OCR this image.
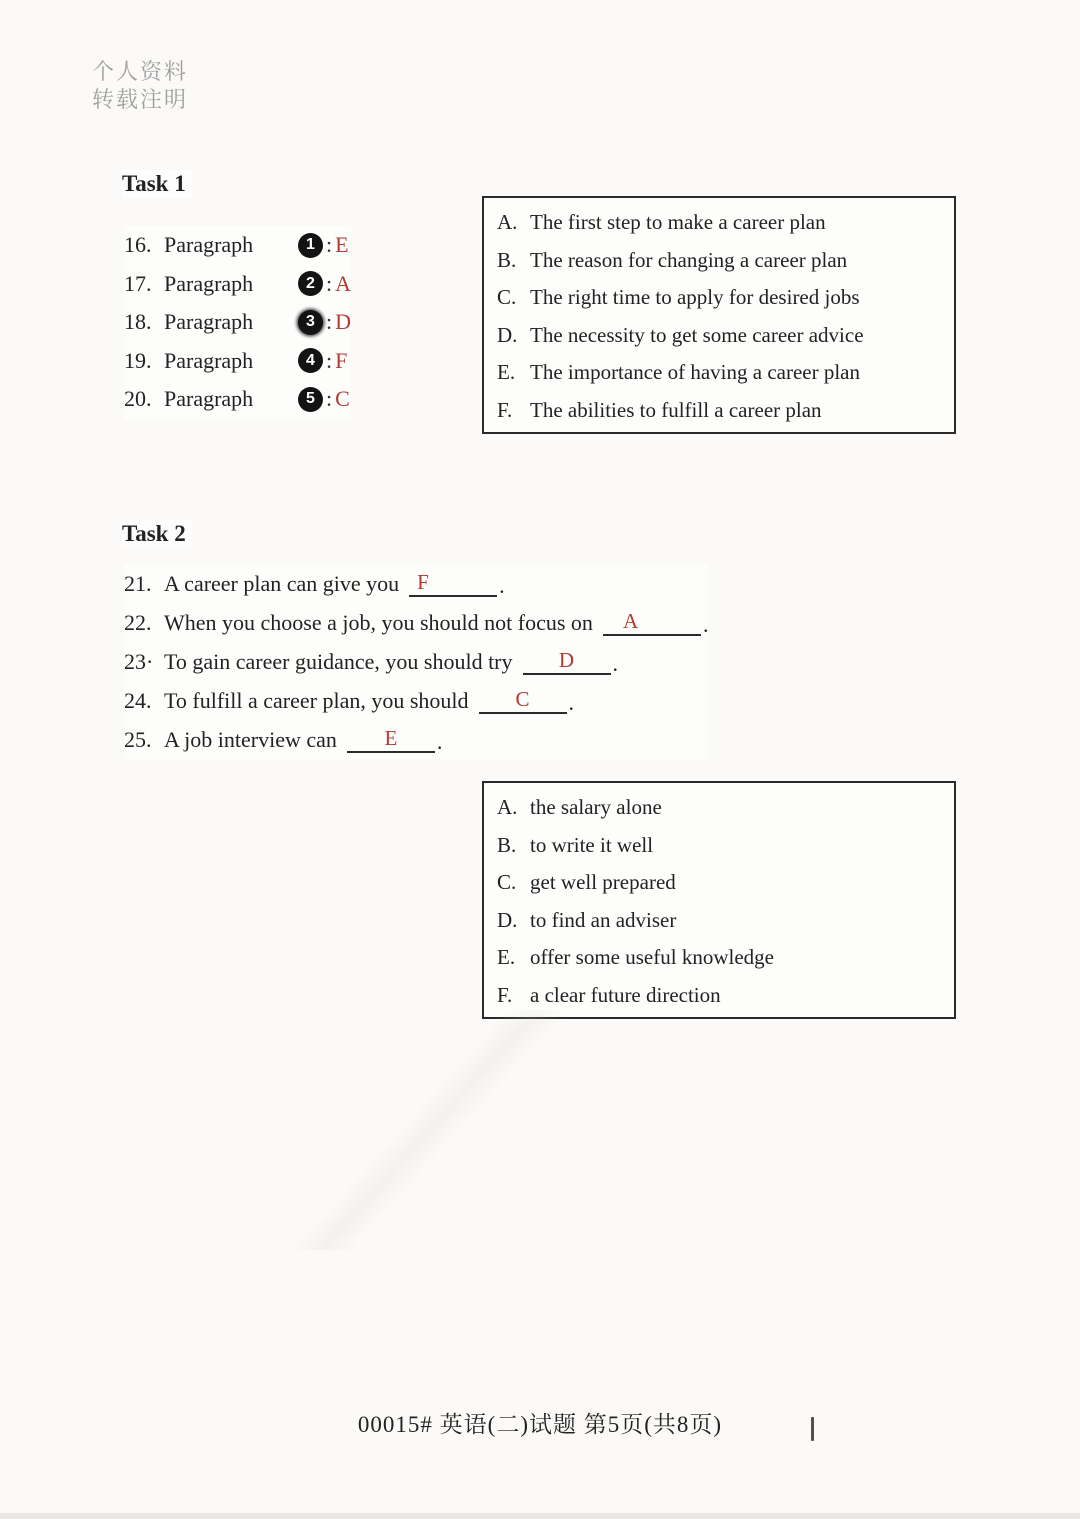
个人资料
转载注明
Task 1
16. Paragraph	1 : E
17. Paragraph	2 : A
18. Paragraph	3 : D
19. Paragraph	4 : F
20. Paragraph	5 : C
A. The first step to make a career plan
B. The reason for changing a career plan
C. The right time to apply for desired jobs
D. The necessity to get some career advice
E. The importance of having a career plan
F. The abilities to fulfill a career plan
Task 2
21. A career plan can give you F	.
22. When you choose a job, you should not focus on	A	.
23· To gain career guidance, you should try	D	.
24. To fulfill a career plan, you should	C	.
25. A job interview can	E	.
A. the salary alone
B. to write it well
C. get well prepared
D. to find an adviser
E. offer some useful knowledge
F. a clear future direction
00015# 英语(二)试题 第5页(共8页)
